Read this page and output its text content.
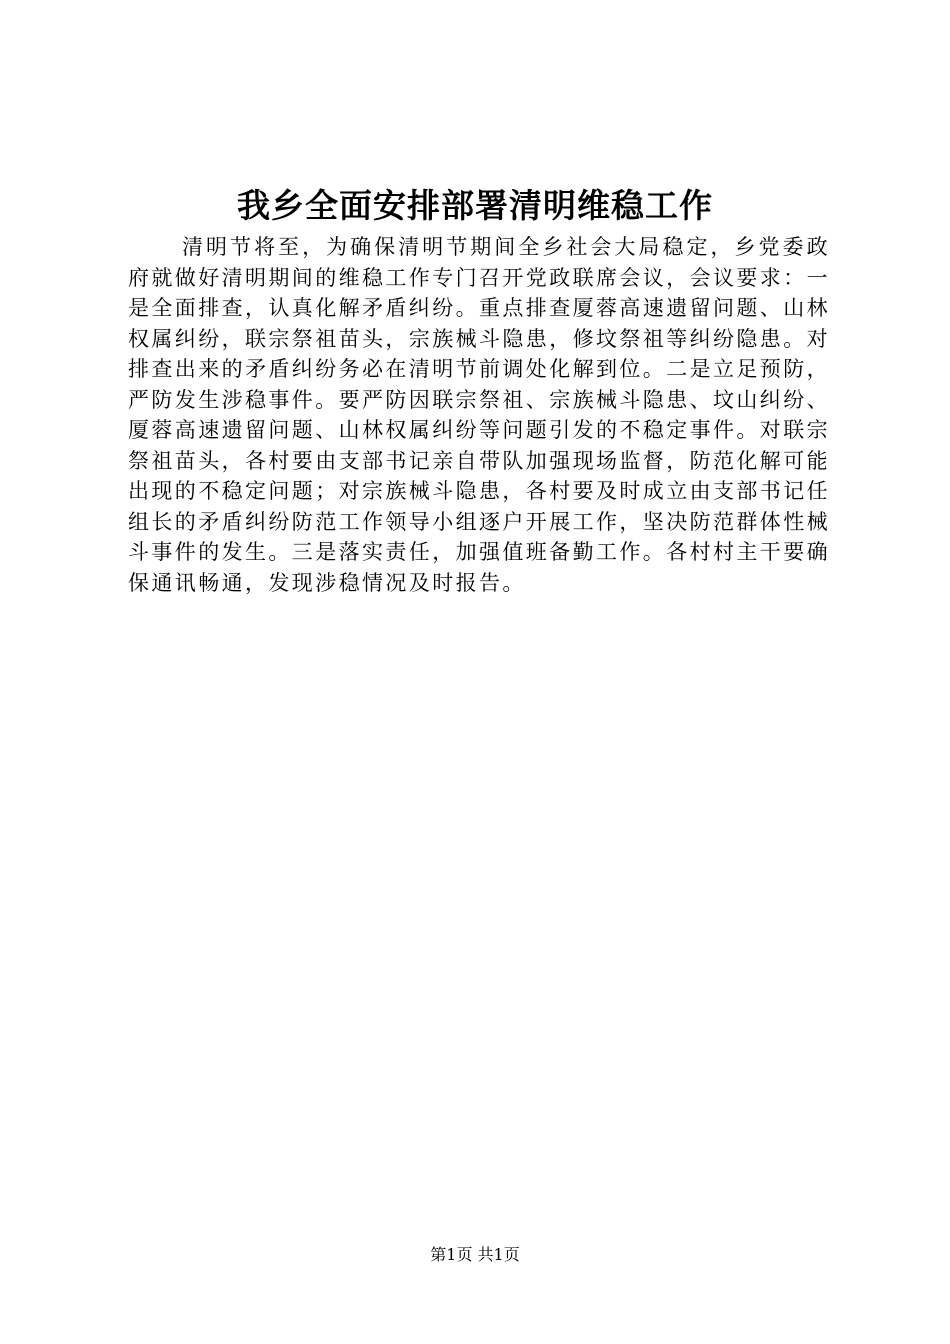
我乡全面安排部署清明维稳工作

清明节将至，为确保清明节期间全乡社会大局稳定，乡党委政府就做好清明期间的维稳工作专门召开党政联席会议，会议要求：一是全面排查，认真化解矛盾纠纷。重点排查厦蓉高速遗留问题、山林权属纠纷，联宗祭祖苗头，宗族械斗隐患，修坟祭祖等纠纷隐患。对排查出来的矛盾纠纷务必在清明节前调处化解到位。二是立足预防，严防发生涉稳事件。要严防因联宗祭祖、宗族械斗隐患、坟山纠纷、厦蓉高速遗留问题、山林权属纠纷等问题引发的不稳定事件。对联宗祭祖苗头，各村要由支部书记亲自带队加强现场监督，防范化解可能出现的不稳定问题；对宗族械斗隐患，各村要及时成立由支部书记任组长的矛盾纠纷防范工作领导小组逐户开展工作，坚决防范群体性械斗事件的发生。三是落实责任，加强值班备勤工作。各村村主干要确保通讯畅通，发现涉稳情况及时报告。

第1页 共1页
